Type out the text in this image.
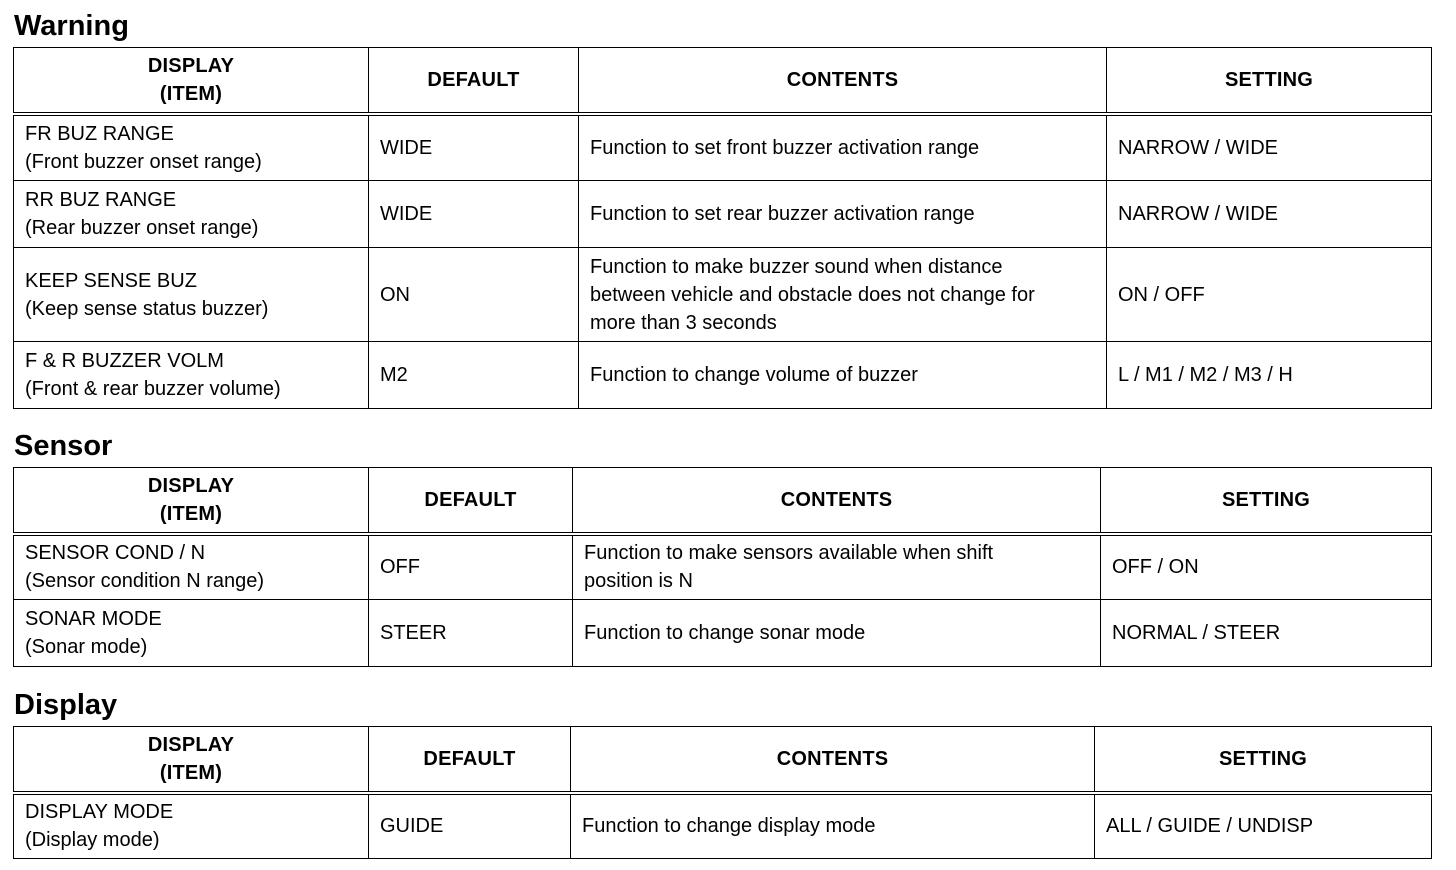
Warning
DISPLAY
(ITEM)	DEFAULT	CONTENTS	SETTING

FR BUZ RANGE
(Front buzzer onset range)	WIDE	Function to set front buzzer activation range	NARROW / WIDE

RR BUZ RANGE
(Rear buzzer onset range)	WIDE	Function to set rear buzzer activation range	NARROW / WIDE

KEEP SENSE BUZ
(Keep sense status buzzer)	ON	Function to make buzzer sound when distance
between vehicle and obstacle does not change for
more than 3 seconds	ON / OFF

F & R BUZZER VOLM
(Front & rear buzzer volume)	M2	Function to change volume of buzzer	L / M1 / M2 / M3 / H
Sensor
DISPLAY
(ITEM)	DEFAULT	CONTENTS	SETTING

SENSOR COND / N
(Sensor condition N range)	OFF	Function to make sensors available when shift
position is N	OFF / ON

SONAR MODE
(Sonar mode)	STEER	Function to change sonar mode	NORMAL / STEER
Display
DISPLAY
(ITEM)	DEFAULT	CONTENTS	SETTING

DISPLAY MODE
(Display mode)	GUIDE	Function to change display mode	ALL / GUIDE / UNDISP
